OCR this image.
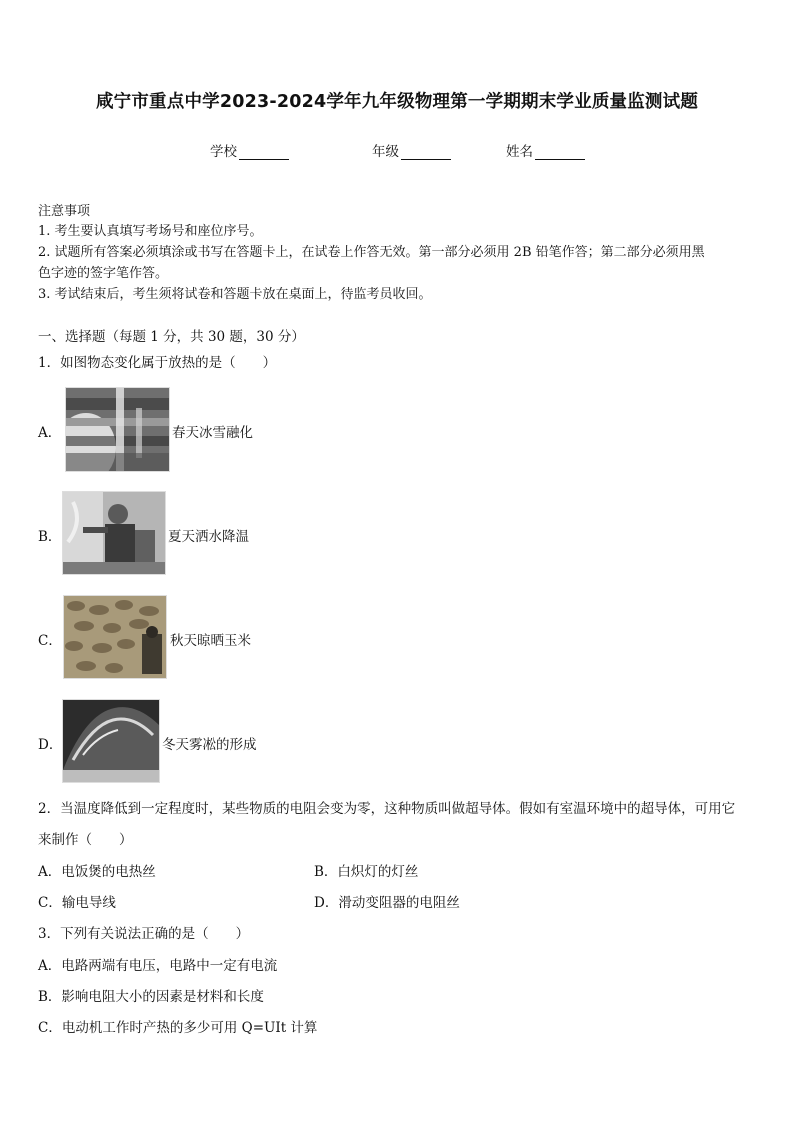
咸宁市重点中学2023-2024学年九年级物理第一学期期末学业质量监测试题
学校	年级	姓名
注意事项
1. 考生要认真填写考场号和座位序号。
2. 试题所有答案必须填涂或书写在答题卡上，在试卷上作答无效。第一部分必须用 2B 铅笔作答；第二部分必须用黑
色字迹的签字笔作答。
3. 考试结束后，考生须将试卷和答题卡放在桌面上，待监考员收回。
一、选择题（每题 1 分，共 30 题，30 分）
1．如图物态变化属于放热的是（　　）
A．	春天冰雪融化
B．	夏天洒水降温
C．	秋天晾晒玉米
D．	冬天雾凇的形成
2．当温度降低到一定程度时，某些物质的电阻会变为零，这种物质叫做超导体。假如有室温环境中的超导体，可用它
来制作（　　）
A．电饭煲的电热丝	B．白炽灯的灯丝
C．输电导线	D．滑动变阻器的电阻丝
3．下列有关说法正确的是（　　）
A．电路两端有电压，电路中一定有电流
B．影响电阻大小的因素是材料和长度
C．电动机工作时产热的多少可用 Q=UIt 计算
